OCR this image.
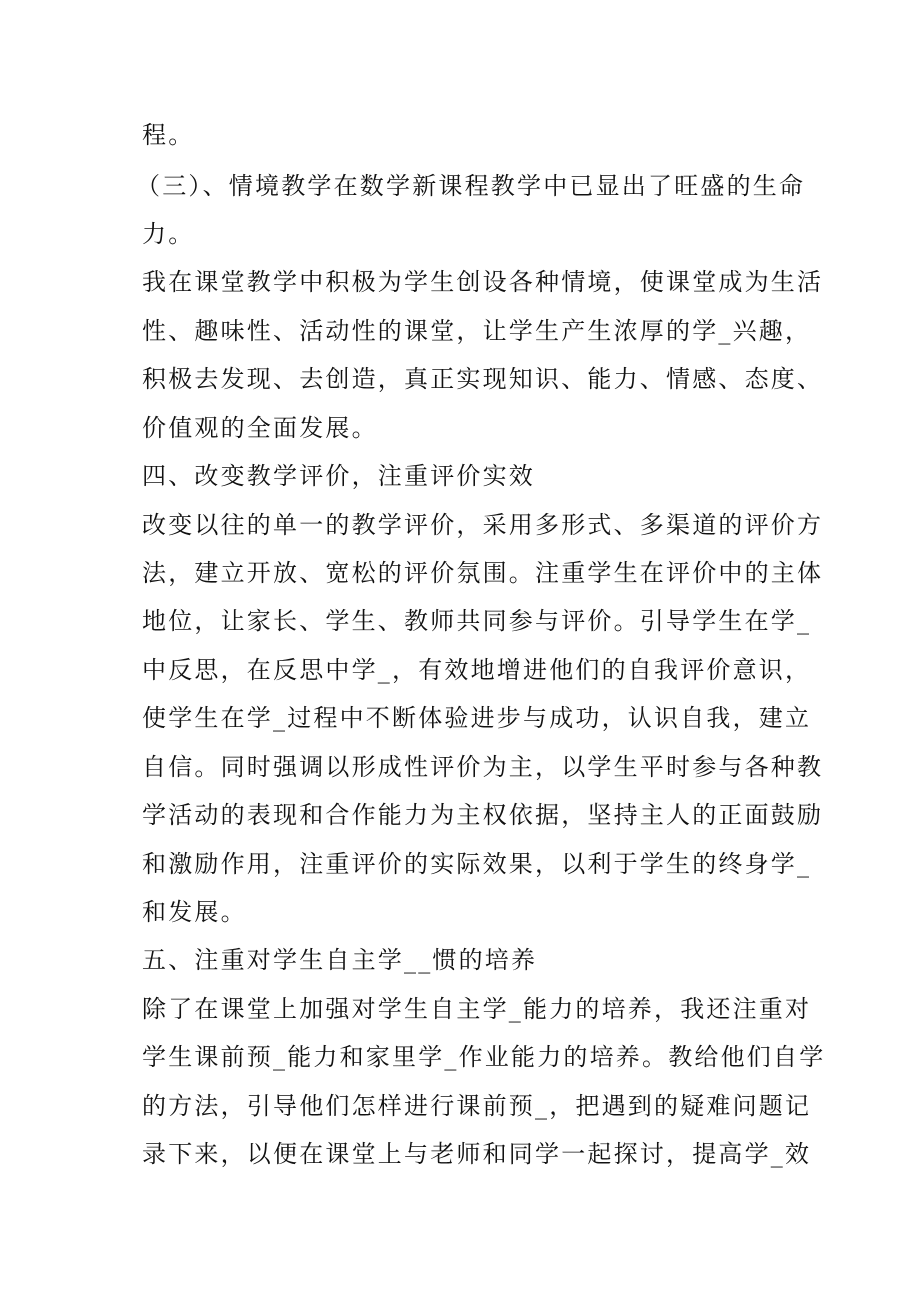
程。
（三）、情境教学在数学新课程教学中已显出了旺盛的生命
力。
我在课堂教学中积极为学生创设各种情境，使课堂成为生活
性、趣味性、活动性的课堂，让学生产生浓厚的学_兴趣，
积极去发现、去创造，真正实现知识、能力、情感、态度、
价值观的全面发展。
四、改变教学评价，注重评价实效
改变以往的单一的教学评价，采用多形式、多渠道的评价方
法，建立开放、宽松的评价氛围。注重学生在评价中的主体
地位，让家长、学生、教师共同参与评价。引导学生在学_
中反思，在反思中学_，有效地增进他们的自我评价意识，
使学生在学_过程中不断体验进步与成功，认识自我，建立
自信。同时强调以形成性评价为主，以学生平时参与各种教
学活动的表现和合作能力为主权依据，坚持主人的正面鼓励
和激励作用，注重评价的实际效果，以利于学生的终身学_
和发展。
五、注重对学生自主学__惯的培养
除了在课堂上加强对学生自主学_能力的培养，我还注重对
学生课前预_能力和家里学_作业能力的培养。教给他们自学
的方法，引导他们怎样进行课前预_，把遇到的疑难问题记
录下来，以便在课堂上与老师和同学一起探讨，提高学_效
